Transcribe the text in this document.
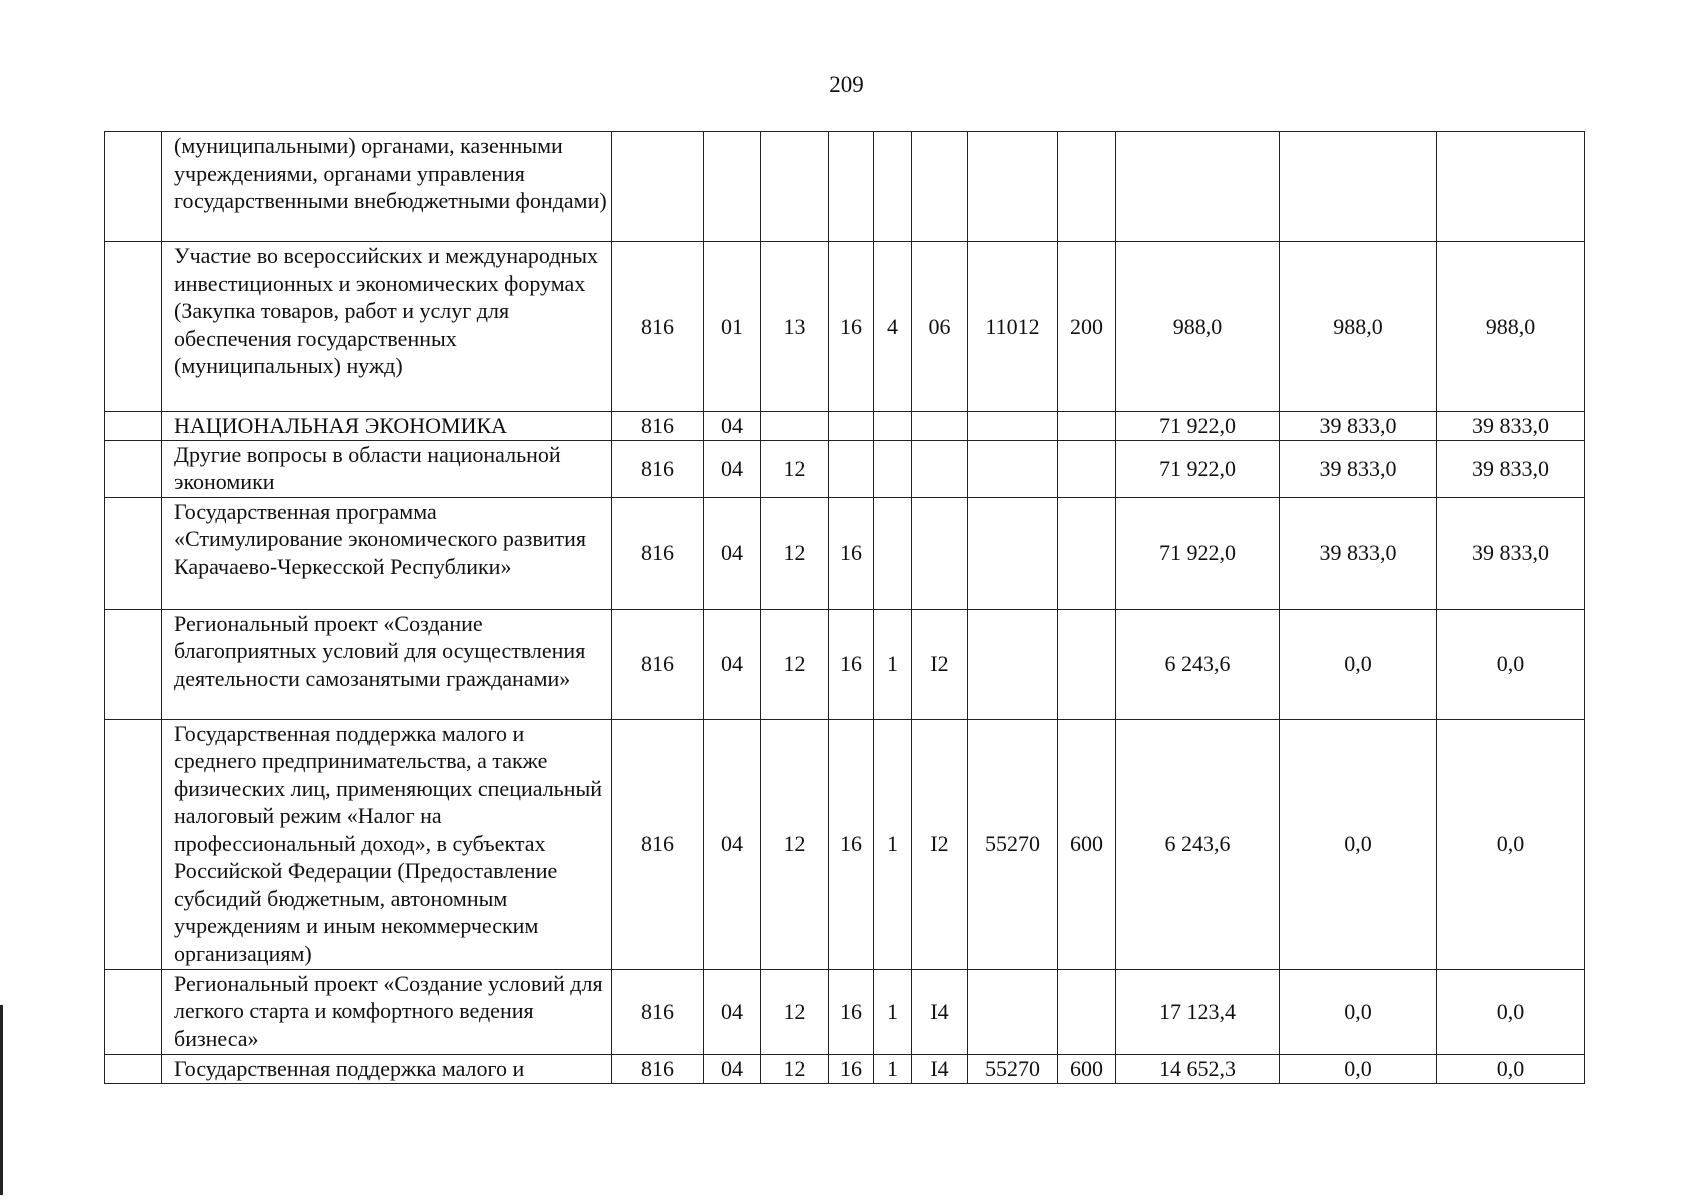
209
	(муниципальными) органами, казенными учреждениями, органами управления государственными внебюджетными фондами)											
	Участие во всероссийских и международных инвестиционных и экономических форумах (Закупка товаров, работ и услуг для обеспечения государственных (муниципальных) нужд)	816	01	13	16	4	06	11012	200	988,0	988,0	988,0
	НАЦИОНАЛЬНАЯ ЭКОНОМИКА	816	04							71 922,0	39 833,0	39 833,0
	Другие вопросы в области национальной экономики	816	04	12						71 922,0	39 833,0	39 833,0
	Государственная программа «Стимулирование экономического развития Карачаево-Черкесской Республики»	816	04	12	16					71 922,0	39 833,0	39 833,0
	Региональный проект «Создание благоприятных условий для осуществления деятельности самозанятыми гражданами»	816	04	12	16	1	I2			6 243,6	0,0	0,0
	Государственная поддержка малого и среднего предпринимательства, а также физических лиц, применяющих специальный налоговый режим «Налог на профессиональный доход», в субъектах Российской Федерации (Предоставление субсидий бюджетным, автономным учреждениям и иным некоммерческим организациям)	816	04	12	16	1	I2	55270	600	6 243,6	0,0	0,0
	Региональный проект «Создание условий для легкого старта и комфортного ведения бизнеса»	816	04	12	16	1	I4			17 123,4	0,0	0,0
	Государственная поддержка малого и	816	04	12	16	1	I4	55270	600	14 652,3	0,0	0,0
